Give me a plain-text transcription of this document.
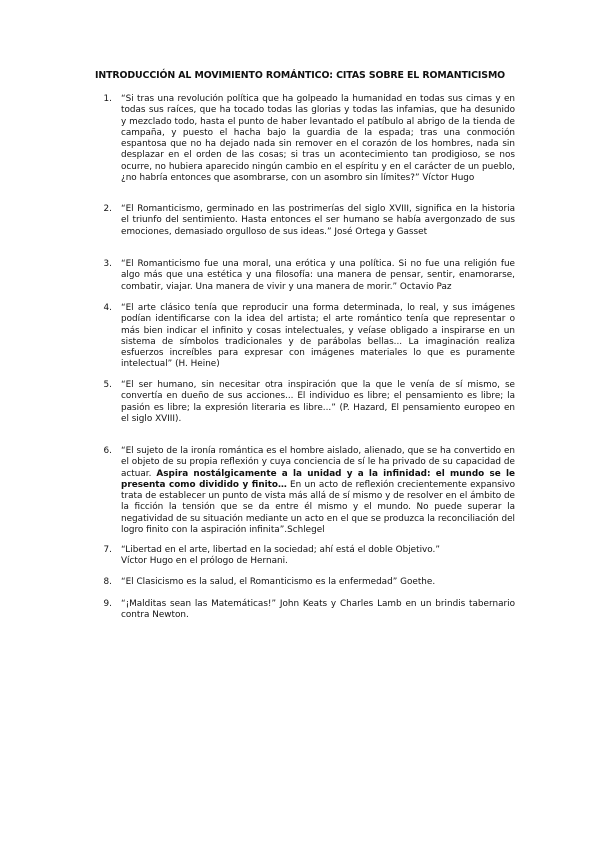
INTRODUCCIÓN AL MOVIMIENTO ROMÁNTICO: CITAS SOBRE EL ROMANTICISMO
1. “Si tras una revolución política que ha golpeado la humanidad en todas sus cimas y en todas sus raíces, que ha tocado todas las glorias y todas las infamias, que ha desunido y mezclado todo, hasta el punto de haber levantado el patíbulo al abrigo de la tienda de campaña, y puesto el hacha bajo la guardia de la espada; tras una conmoción espantosa que no ha dejado nada sin remover en el corazón de los hombres, nada sin desplazar en el orden de las cosas; si tras un acontecimiento tan prodigioso, se nos ocurre, no hubiera aparecido ningún cambio en el espíritu y en el carácter de un pueblo, ¿no habría entonces que asombrarse, con un asombro sin límites?” Víctor Hugo
2. “El Romanticismo, germinado en las postrimerías del siglo XVIII, significa en la historia el triunfo del sentimiento. Hasta entonces el ser humano se había avergonzado de sus emociones, demasiado orgulloso de sus ideas.” José Ortega y Gasset
3. “El Romanticismo fue una moral, una erótica y una política. Si no fue una religión fue algo más que una estética y una filosofía: una manera de pensar, sentir, enamorarse, combatir, viajar. Una manera de vivir y una manera de morir.” Octavio Paz
4. “El arte clásico tenía que reproducir una forma determinada, lo real, y sus imágenes podían identificarse con la idea del artista; el arte romántico tenía que representar o más bien indicar el infinito y cosas intelectuales, y veíase obligado a inspirarse en un sistema de símbolos tradicionales y de parábolas bellas... La imaginación realiza esfuerzos increíbles para expresar con imágenes materiales lo que es puramente intelectual” (H. Heine)
5. “El ser humano, sin necesitar otra inspiración que la que le venía de sí mismo, se convertía en dueño de sus acciones... El individuo es libre; el pensamiento es libre; la pasión es libre; la expresión literaria es libre...” (P. Hazard, El pensamiento europeo en el siglo XVIII).
6. “El sujeto de la ironía romántica es el hombre aislado, alienado, que se ha convertido en el objeto de su propia reflexión y cuya conciencia de sí le ha privado de su capacidad de actuar. Aspira nostálgicamente a la unidad y a la infinidad: el mundo se le presenta como dividido y finito… En un acto de reflexión crecientemente expansivo trata de establecer un punto de vista más allá de sí mismo y de resolver en el ámbito de la ficción la tensión que se da entre él mismo y el mundo. No puede superar la negatividad de su situación mediante un acto en el que se produzca la reconciliación del logro finito con la aspiración infinita”.Schlegel
7. “Libertad en el arte, libertad en la sociedad; ahí está el doble Objetivo.”
Víctor Hugo en el prólogo de Hernani.
8. “El Clasicismo es la salud, el Romanticismo es la enfermedad” Goethe.
9. “¡Malditas sean las Matemáticas!” John Keats y Charles Lamb en un brindis tabernario contra Newton.
